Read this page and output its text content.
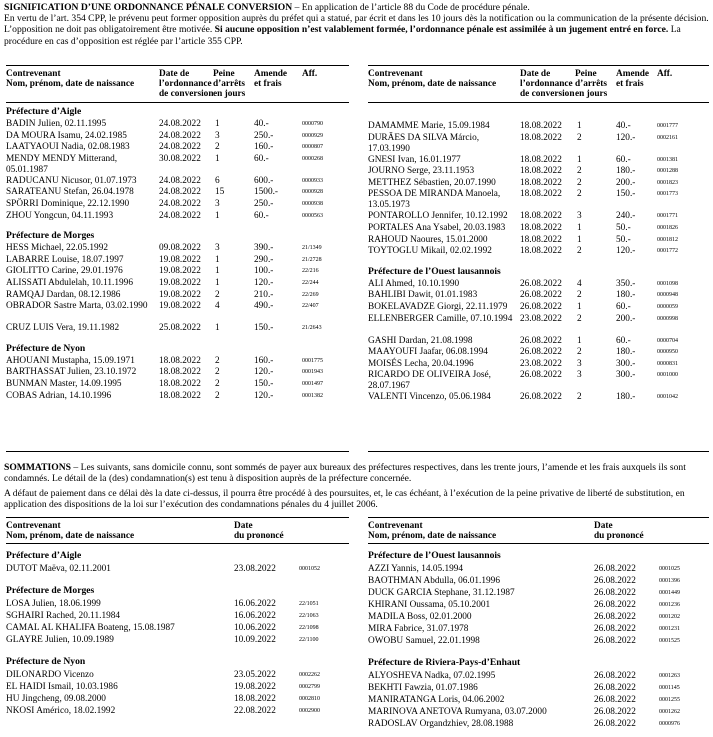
SIGNIFICATION D’UNE ORDONNANCE PÉNALE CONVERSION – En application de l’article 88 du Code de procédure pénale.
En vertu de l’art. 354 CPP, le prévenu peut former opposition auprès du préfet qui a statué, par écrit et dans les 10 jours dès la notification ou la communication de la présente décision. L’opposition ne doit pas obligatoirement être motivée. Si aucune opposition n’est valablement formée, l’ordonnance pénale est assimilée à un jugement entré en force. La procédure en cas d’opposition est réglée par l’article 355 CPP.

Contrevenant
Nom, prénom, date de naissance
Date de
l’ordonnance
de conversion
Peine
d’arrêts
en jours
Amende
et frais
Aff.
Préfecture d’Aigle
BADIN Julien, 02.11.1995	24.08.2022 1	40.-	0000790
DA MOURA Isamu, 24.02.1985	24.08.2022 3	250.-	0000929
LAATYAOUI Nadia, 02.08.1983	24.08.2022 2	160.-	0000807
MENDY MENDY Mitterand, 05.01.1987
30.08.2022 1	60.-	0000268
RADUCANU Nicusor, 01.07.1973 24.08.2022 6	600.-	0000933
SARATEANU Stefan, 26.04.1978	24.08.2022 15	1500.-	0000928
SPÖRRI Dominique, 22.12.1990	24.08.2022 3	250.-	0000938
ZHOU Yongcun, 04.11.1993	24.08.2022 1	60.-	0000563
Préfecture de Morges
HESS Michael, 22.05.1992	09.08.2022 3	390.-	21/1349
LABARRE Louise, 18.07.1997	19.08.2022 1	290.-	21/2728
GIOLITTO Carine, 29.01.1976	19.08.2022 1	100.-	22/216
ALISSATI Abdulelah, 10.11.1996	19.08.2022 1	120.-	22/244
RAMQAJ Dardan, 08.12.1986	19.08.2022 2	210.-	22/269
OBRADOR Sastre Marta, 03.02.1990	19.08.2022 4	490.-	22/407
CRUZ LUIS Vera, 19.11.1982	25.08.2022 1	150.-	21/2643
Préfecture de Nyon
AHOUANI Mustapha, 15.09.1971	18.08.2022 2	160.-	0001775
BARTHASSAT Julien, 23.10.1972 18.08.2022 2	120.-	0001943
BUNMAN Master, 14.09.1995	18.08.2022 2	150.-	0001497
COBAS Adrian, 14.10.1996	18.08.2022 2	120.-	0001382
Contrevenant
Nom, prénom, date de naissance
Date de
l’ordonnance
de conversion
Peine
d’arrêts
en jours
Amende
et frais
Aff.
DAMAMME Marie, 15.09.1984	18.08.2022 1	40.-	0001777
DURÃES DA SILVA Márcio, 17.03.1990
18.08.2022 2	120.-	0002161
GNESI Ivan, 16.01.1977	18.08.2022 1	60.-	0001381
JOURNO Serge, 23.11.1953	18.08.2022 2	180.-	0001288
METTHEZ Sébastien, 20.07.1990	18.08.2022 2	200.-	0001823
PESSOA DE MIRANDA Manoela, 13.05.1973
18.08.2022 2	150.-	0001773
PONTAROLLO Jennifer, 10.12.1992 18.08.2022 3	240.-	0001771
PORTALES Ana Ysabel, 20.03.1983 18.08.2022 1	50.-	0001826
RAHOUD Naoures, 15.01.2000	18.08.2022 1	50.-	0001812
TOYTOGLU Mikail, 02.02.1992	18.08.2022 2	120.-	0001772
Préfecture de l’Ouest lausannois
ALI Ahmed, 10.10.1990	26.08.2022 4	350.-	0001098
BAHLIBI Dawit, 01.01.1983	26.08.2022 2	180.-	0000948
BOKELAVADZE Giorgi, 22.11.1979 26.08.2022 1	60.-	0000059
ELLENBERGER Camille, 07.10.1994 23.08.2022 2	200.-	0000998
GASHI Dardan, 21.08.1998	26.08.2022 1	60.-	0000704
MAAYOUFI Jaafar, 06.08.1994	26.08.2022 2	180.-	0000950
MOISÉS Lecha, 20.04.1996	23.08.2022 3	300.-	0000831
RICARDO DE OLIVEIRA José, 28.07.1967
26.08.2022 3	300.-	0001000
VALENTI Vincenzo, 05.06.1984	26.08.2022 2	180.-	0001042

SOMMATIONS – Les suivants, sans domicile connu, sont sommés de payer aux bureaux des préfectures respectives, dans les trente jours, l’amende et les frais auxquels ils sont condamnés. Le détail de la (des) condamnation(s) est tenu à disposition auprès de la préfecture concernée.

A défaut de paiement dans ce délai dès la date ci-dessus, il pourra être procédé à des poursuites, et, le cas échéant, à l’exécution de la peine privative de liberté de substitution, en application des dispositions de la loi sur l’exécution des condamnations pénales du 4 juillet 2006.

Contrevenant
Nom, prénom, date de naissance
Date
du prononcé
Préfecture d’Aigle
DUTOT Maëva, 02.11.2001	23.08.2022	0001052
Préfecture de Morges
LOSA Julien, 18.06.1999	16.06.2022	22/1051
SGHAIRI Rached, 20.11.1984	16.06.2022	22/1063
CAMAL AL KHALIFA Boateng, 15.08.1987	10.06.2022	22/1098
GLAYRE Julien, 10.09.1989	10.09.2022	22/1100
Préfecture de Nyon
DILONARDO Vicenzo	23.05.2022	0002262
EL HAIDI Ismail, 10.03.1986	19.08.2022	0002799
HU Jingcheng, 09.08.2000	18.08.2022	0002810
NKOSI Américo, 18.02.1992	22.08.2022	0002900
Contrevenant
Nom, prénom, date de naissance
Date
du prononcé
Préfecture de l’Ouest lausannois
AZZI Yannis, 14.05.1994	26.08.2022	0001025
BAOTHMAN Abdulla, 06.01.1996	26.08.2022	0001396
DUCK GARCIA Stephane, 31.12.1987	26.08.2022	0001449
KHIRANI Oussama, 05.10.2001	26.08.2022	0001236
MADILA Boss, 02.01.2000	26.08.2022	0001202
MIRA Fabrice, 31.07.1978	26.08.2022	0001231
OWOBU Samuel, 22.01.1998	26.08.2022	0001525
Préfecture de Riviera-Pays-d’Enhaut
ALYOSHEVA Nadka, 07.02.1995	26.08.2022	0001263
BEKHTI Fawzia, 01.07.1986	26.08.2022	0001145
MANIRATANGA Loris, 04.06.2002	26.08.2022	0001255
MARINOVA ANETOVA Rumyana, 03.07.2000	26.08.2022	0001262
RADOSLAV Organdzhiev, 28.08.1988	26.08.2022	0000976
